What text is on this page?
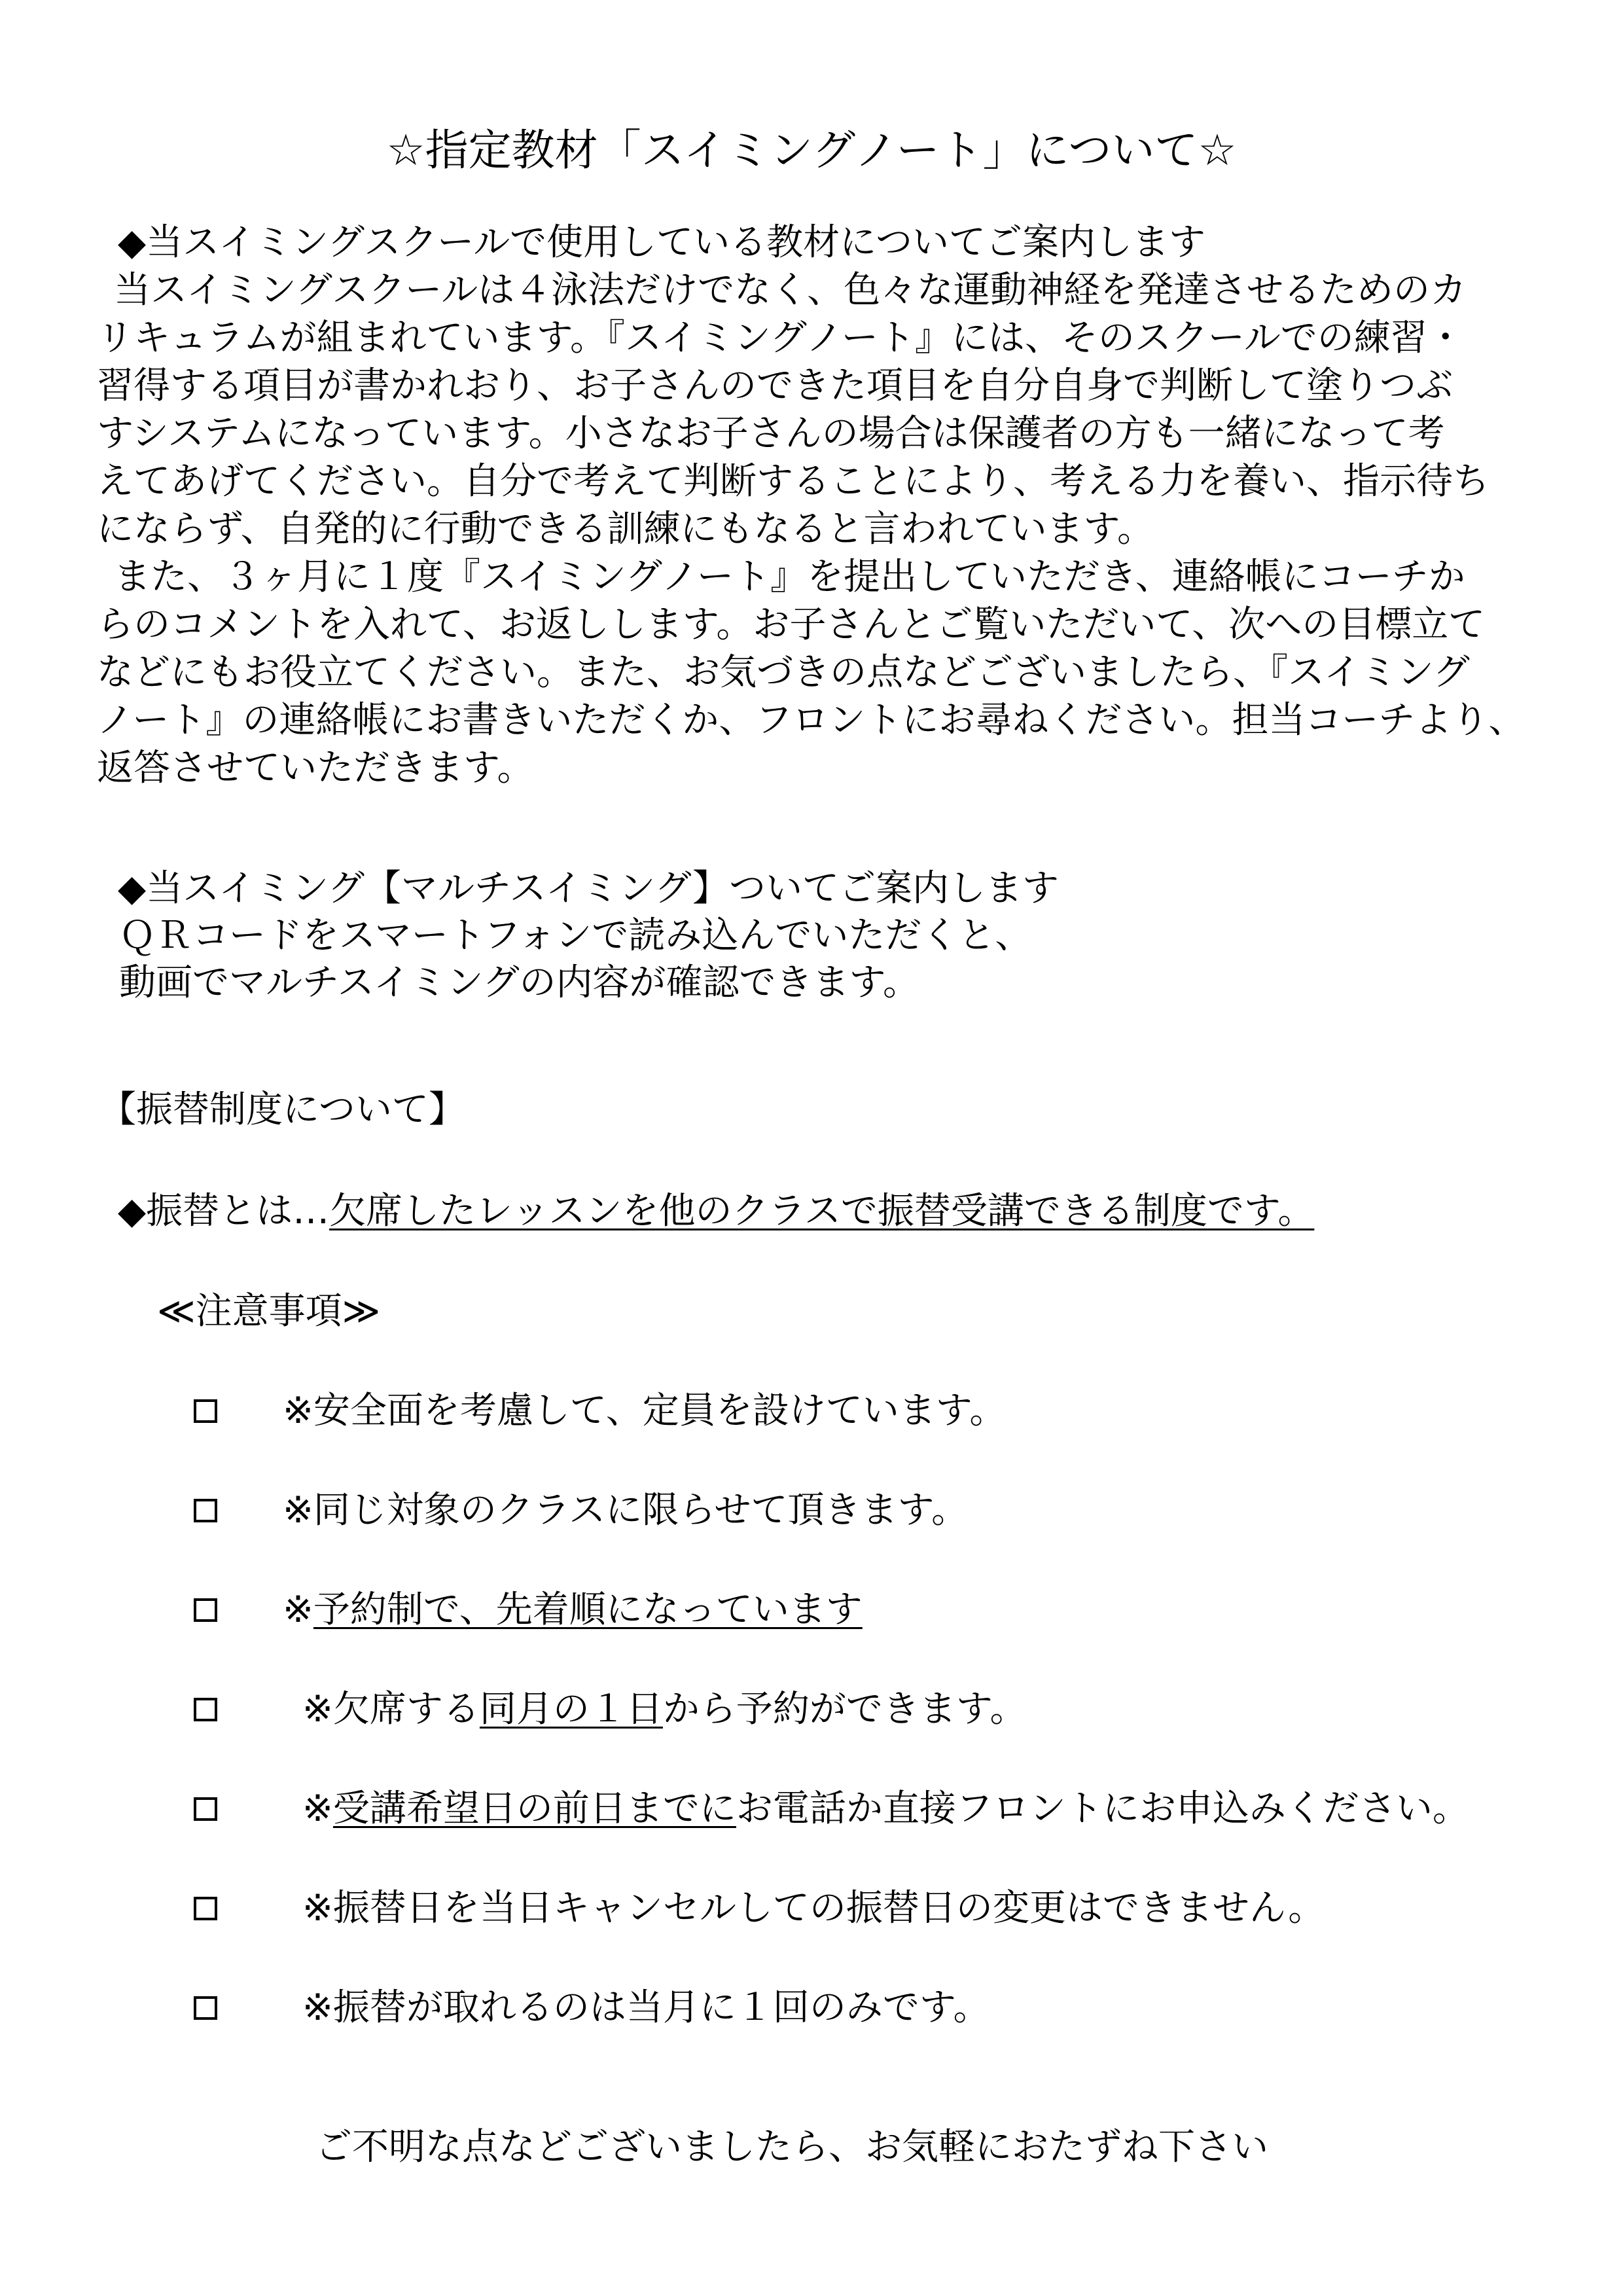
☆指定教材「スイミングノート」について☆
◆当スイミングスクールで使用している教材についてご案内します
当スイミングスクールは４泳法だけでなく、色々な運動神経を発達させるためのカ
リキュラムが組まれています。『スイミングノート』には、そのスクールでの練習・
習得する項目が書かれおり、お子さんのできた項目を自分自身で判断して塗りつぶ
すシステムになっています。小さなお子さんの場合は保護者の方も一緒になって考
えてあげてください。自分で考えて判断することにより、考える力を養い、指示待ち
にならず、自発的に行動できる訓練にもなると言われています。
また、３ヶ月に１度『スイミングノート』を提出していただき、連絡帳にコーチか
らのコメントを入れて、お返しします。お子さんとご覧いただいて、次への目標立て
などにもお役立てください。また、お気づきの点などございましたら、『スイミング
ノート』の連絡帳にお書きいただくか、フロントにお尋ねください。担当コーチより、
返答させていただきます。
◆当スイミング【マルチスイミング】ついてご案内します
ＱＲコードをスマートフォンで読み込んでいただくと、
動画でマルチスイミングの内容が確認できます。
【振替制度について】
◆振替とは…欠席したレッスンを他のクラスで振替受講できる制度です。
≪注意事項≫
※安全面を考慮して、定員を設けています。
※同じ対象のクラスに限らせて頂きます。
※予約制で、先着順になっています
※欠席する同月の１日から予約ができます。
※受講希望日の前日までにお電話か直接フロントにお申込みください。
※振替日を当日キャンセルしての振替日の変更はできません。
※振替が取れるのは当月に１回のみです。
ご不明な点などございましたら、お気軽におたずね下さい
